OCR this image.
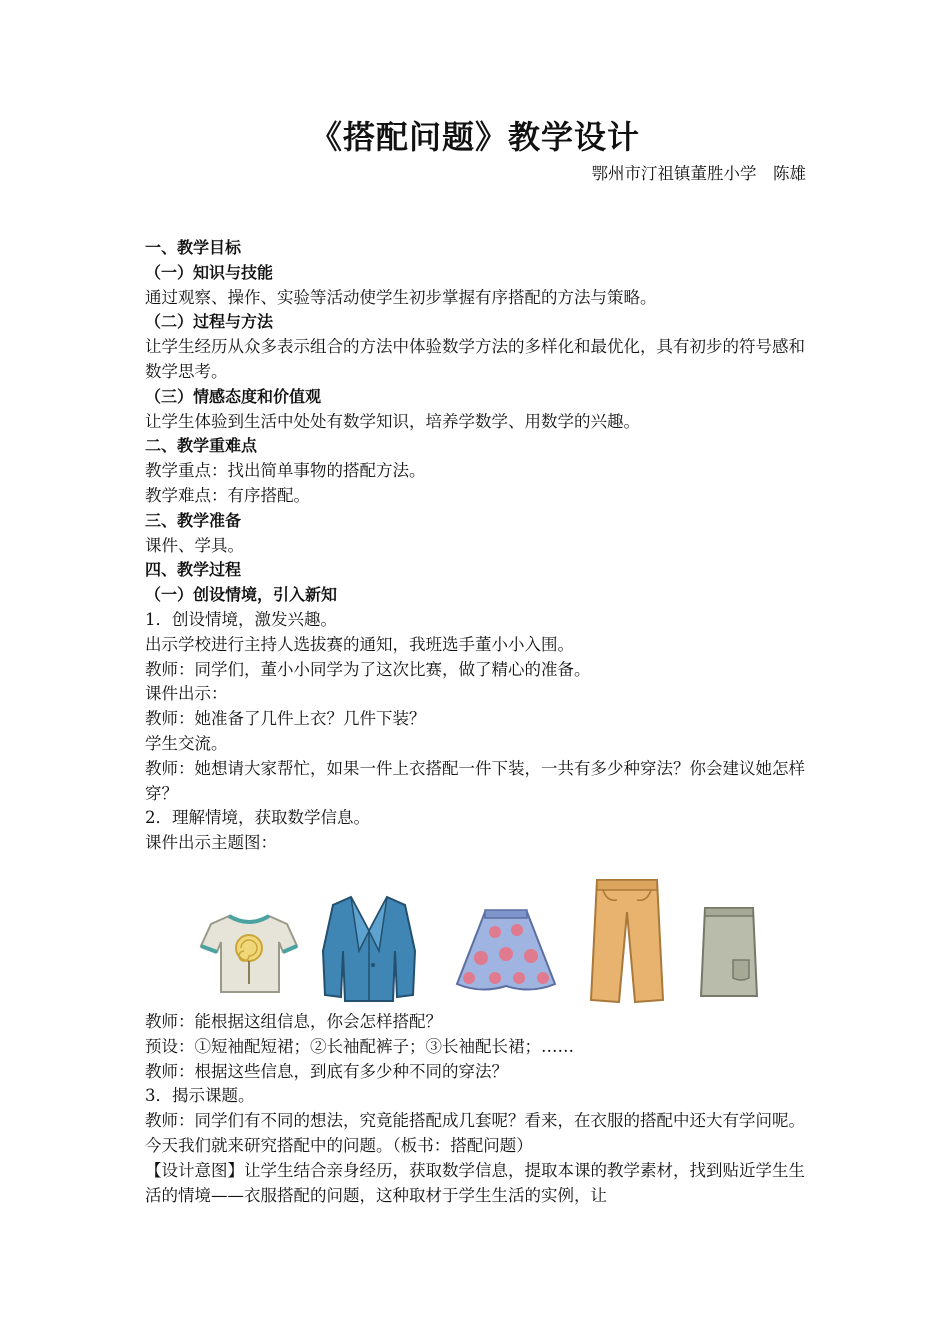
《搭配问题》教学设计
鄂州市汀祖镇董胜小学　陈雄

一、教学目标

（一）知识与技能

通过观察、操作、实验等活动使学生初步掌握有序搭配的方法与策略。

（二）过程与方法

让学生经历从众多表示组合的方法中体验数学方法的多样化和最优化，具有初步的符号感和数学思考。

（三）情感态度和价值观

让学生体验到生活中处处有数学知识，培养学数学、用数学的兴趣。

二、教学重难点

教学重点：找出简单事物的搭配方法。

教学难点：有序搭配。

三、教学准备

课件、学具。

四、教学过程

（一）创设情境，引入新知

1．创设情境，激发兴趣。

出示学校进行主持人选拔赛的通知，我班选手董小小入围。

教师：同学们，董小小同学为了这次比赛，做了精心的准备。

课件出示：

教师：她准备了几件上衣？几件下装？

学生交流。

教师：她想请大家帮忙，如果一件上衣搭配一件下装，一共有多少种穿法？你会建议她怎样穿？

2．理解情境，获取数学信息。

课件出示主题图：

教师：能根据这组信息，你会怎样搭配？

预设：①短袖配短裙；②长袖配裤子；③长袖配长裙；……

教师：根据这些信息，到底有多少种不同的穿法？

3．揭示课题。

教师：同学们有不同的想法，究竟能搭配成几套呢？看来，在衣服的搭配中还大有学问呢。今天我们就来研究搭配中的问题。（板书：搭配问题）

【设计意图】让学生结合亲身经历，获取数学信息，提取本课的教学素材，找到贴近学生生活的情境——衣服搭配的问题，这种取材于学生生活的实例，让
